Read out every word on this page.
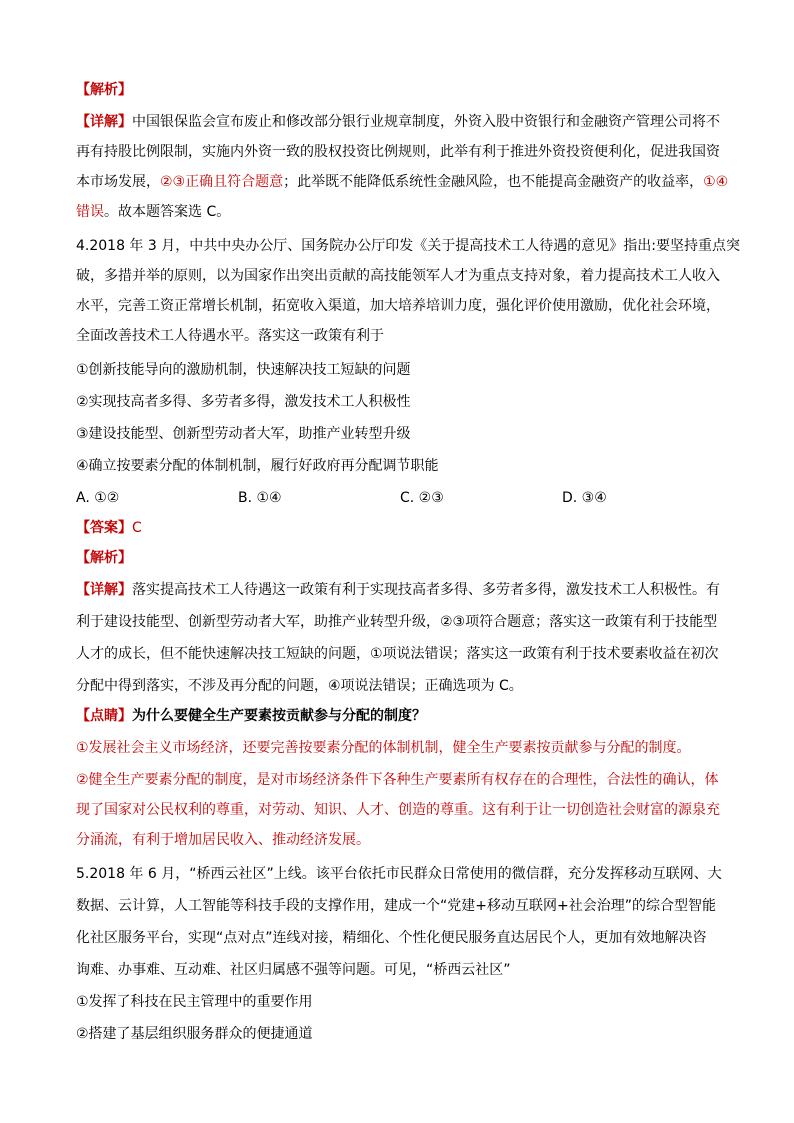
【解析】
【详解】中国银保监会宣布废止和修改部分银行业规章制度，外资入股中资银行和金融资产管理公司将不
再有持股比例限制，实施内外资一致的股权投资比例规则，此举有利于推进外资投资便利化，促进我国资
本市场发展，②③正确且符合题意；此举既不能降低系统性金融风险，也不能提高金融资产的收益率，①④
错误。故本题答案选 C。
4.2018 年 3 月，中共中央办公厅、国务院办公厅印发《关于提高技术工人待遇的意见》指出:要坚持重点突
破，多措并举的原则，以为国家作出突出贡献的高技能领军人才为重点支持对象，着力提高技术工人收入
水平，完善工资正常增长机制，拓宽收入渠道，加大培养培训力度，强化评价使用激励，优化社会环境，
全面改善技术工人待遇水平。落实这一政策有利于
①创新技能导向的激励机制，快速解决技工短缺的问题
②实现技高者多得、多劳者多得，激发技术工人积极性
③建设技能型、创新型劳动者大军，助推产业转型升级
④确立按要素分配的体制机制，履行好政府再分配调节职能
A. ①②	B. ①④	C. ②③	D. ③④
【答案】C
【解析】
【详解】落实提高技术工人待遇这一政策有利于实现技高者多得、多劳者多得，激发技术工人积极性。有
利于建设技能型、创新型劳动者大军，助推产业转型升级，②③项符合题意；落实这一政策有利于技能型
人才的成长，但不能快速解决技工短缺的问题，①项说法错误；落实这一政策有利于技术要素收益在初次
分配中得到落实，不涉及再分配的问题，④项说法错误；正确选项为 C。
【点睛】为什么要健全生产要素按贡献参与分配的制度？
①发展社会主义市场经济，还要完善按要素分配的体制机制，健全生产要素按贡献参与分配的制度。
②健全生产要素分配的制度，是对市场经济条件下各种生产要素所有权存在的合理性，合法性的确认，体
现了国家对公民权利的尊重，对劳动、知识、人才、创造的尊重。这有利于让一切创造社会财富的源泉充
分涌流，有利于增加居民收入、推动经济发展。
5.2018 年 6 月，“桥西云社区”上线。该平台依托市民群众日常使用的微信群，充分发挥移动互联网、大
数据、云计算，人工智能等科技手段的支撑作用，建成一个“党建+移动互联网+社会治理”的综合型智能
化社区服务平台，实现“点对点”连线对接，精细化、个性化便民服务直达居民个人，更加有效地解决咨
询难、办事难、互动难、社区归属感不强等问题。可见，“桥西云社区”
①发挥了科技在民主管理中的重要作用
②搭建了基层组织服务群众的便捷通道
